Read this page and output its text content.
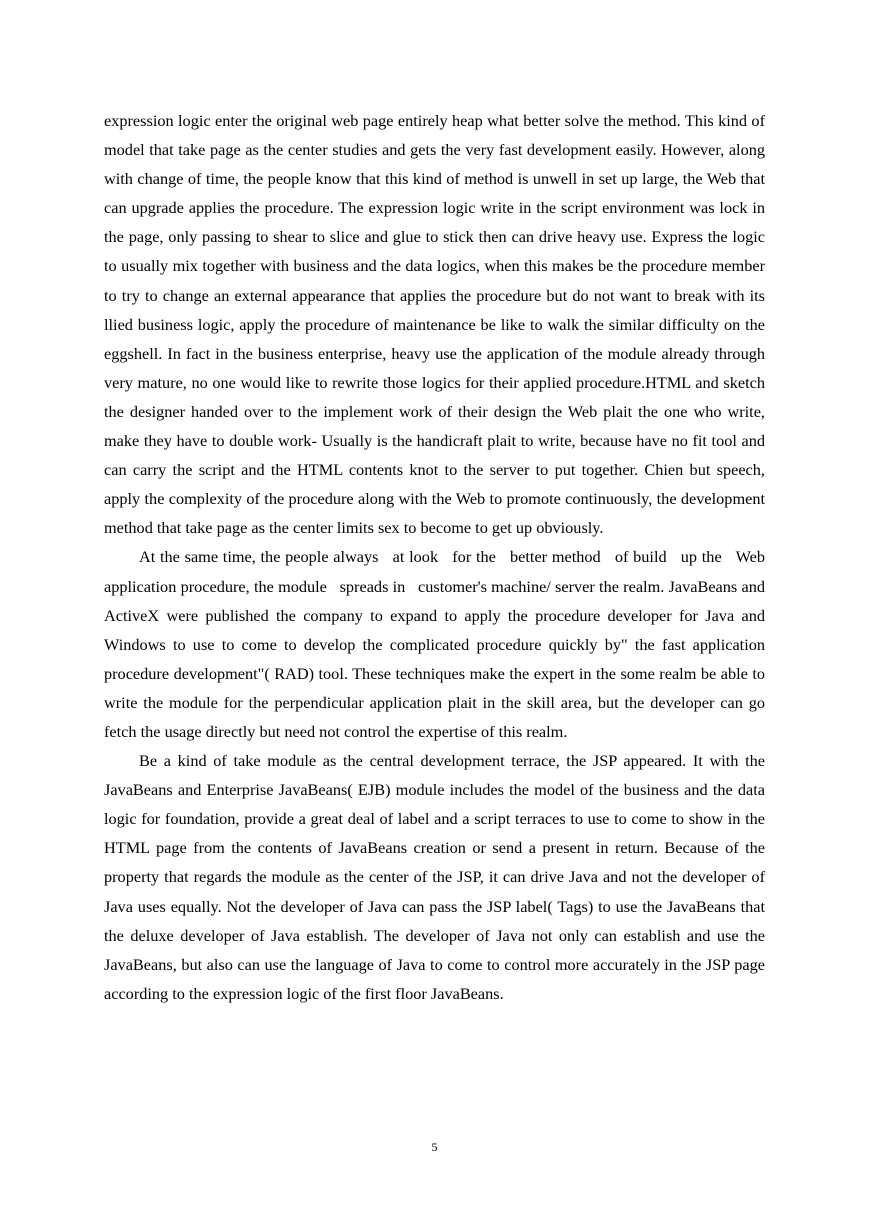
expression logic enter the original web page entirely heap what better solve the method. This kind of model that take page as the center studies and gets the very fast development easily. However, along with change of time, the people know that this kind of method is unwell in set up large, the Web that can upgrade applies the procedure. The expression logic write in the script environment was lock in the page, only passing to shear to slice and glue to stick then can drive heavy use. Express the logic to usually mix together with business and the data logics, when this makes be the procedure member to try to change an external appearance that applies the procedure but do not want to break with its llied business logic, apply the procedure of maintenance be like to walk the similar difficulty on the eggshell. In fact in the business enterprise, heavy use the application of the module already through very mature, no one would like to rewrite those logics for their applied procedure.HTML and sketch the designer handed over to the implement work of their design the Web plait the one who write, make they have to double work- Usually is the handicraft plait to write, because have no fit tool and can carry the script and the HTML contents knot to the server to put together. Chien but speech, apply the complexity of the procedure along with the Web to promote continuously, the development method that take page as the center limits sex to become to get up obviously.

At the same time, the people always   at look   for the   better method   of build   up the   Web application procedure, the module   spreads in   customer's machine/ server the realm. JavaBeans and ActiveX were published the company to expand to apply the procedure developer for Java and Windows to use to come to develop the complicated procedure quickly by" the fast application procedure development"( RAD) tool. These techniques make the expert in the some realm be able to write the module for the perpendicular application plait in the skill area, but the developer can go fetch the usage directly but need not control the expertise of this realm.

Be a kind of take module as the central development terrace, the JSP appeared. It with the JavaBeans and Enterprise JavaBeans( EJB) module includes the model of the business and the data logic for foundation, provide a great deal of label and a script terraces to use to come to show in the HTML page from the contents of JavaBeans creation or send a present in return. Because of the property that regards the module as the center of the JSP, it can drive Java and not the developer of Java uses equally. Not the developer of Java can pass the JSP label( Tags) to use the JavaBeans that the deluxe developer of Java establish. The developer of Java not only can establish and use the JavaBeans, but also can use the language of Java to come to control more accurately in the JSP page according to the expression logic of the first floor JavaBeans.

5
